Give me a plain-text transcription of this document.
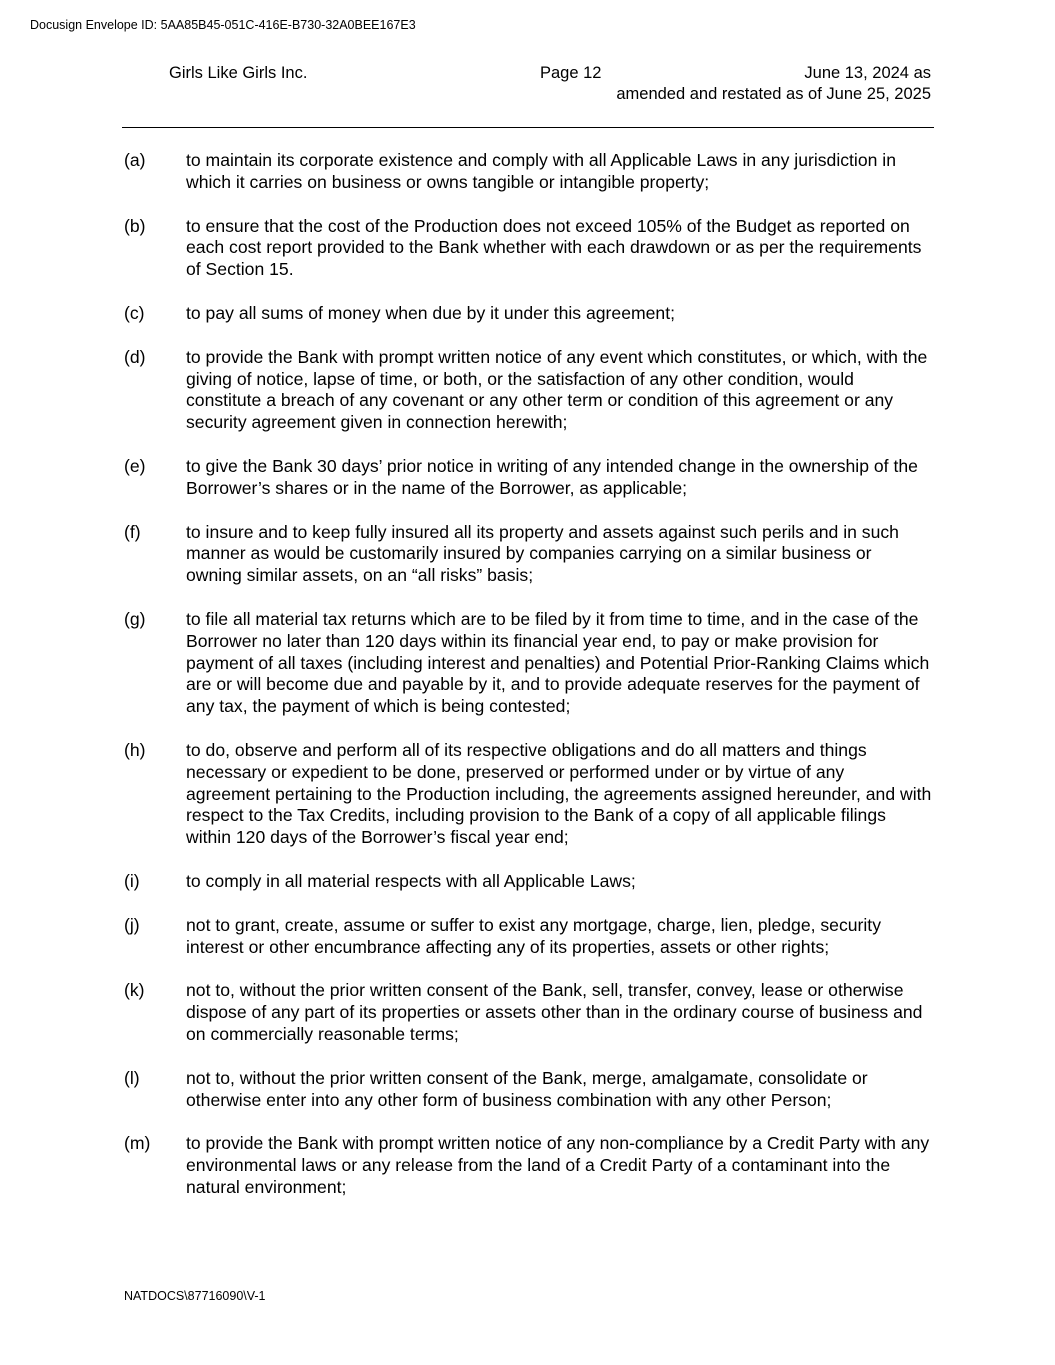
Docusign Envelope ID: 5AA85B45-051C-416E-B730-32A0BEE167E3
Girls Like Girls Inc.	Page 12	June 13, 2024 as
amended and restated as of June 25, 2025
(a) to maintain its corporate existence and comply with all Applicable Laws in any jurisdiction in which it carries on business or owns tangible or intangible property;
(b) to ensure that the cost of the Production does not exceed 105% of the Budget as reported on each cost report provided to the Bank whether with each drawdown or as per the requirements of Section 15.
(c) to pay all sums of money when due by it under this agreement;
(d) to provide the Bank with prompt written notice of any event which constitutes, or which, with the giving of notice, lapse of time, or both, or the satisfaction of any other condition, would constitute a breach of any covenant or any other term or condition of this agreement or any security agreement given in connection herewith;
(e) to give the Bank 30 days’ prior notice in writing of any intended change in the ownership of the Borrower’s shares or in the name of the Borrower, as applicable;
(f)	to insure and to keep fully insured all its property and assets against such perils and in such manner as would be customarily insured by companies carrying on a similar business or owning similar assets, on an “all risks” basis;
(g) to file all material tax returns which are to be filed by it from time to time, and in the case of the Borrower no later than 120 days within its financial year end, to pay or make provision for payment of all taxes (including interest and penalties) and Potential Prior-Ranking Claims which are or will become due and payable by it, and to provide adequate reserves for the payment of any tax, the payment of which is being contested;
(h) to do, observe and perform all of its respective obligations and do all matters and things necessary or expedient to be done, preserved or performed under or by virtue of any agreement pertaining to the Production including, the agreements assigned hereunder, and with respect to the Tax Credits, including provision to the Bank of a copy of all applicable filings within 120 days of the Borrower’s fiscal year end;
(i)	to comply in all material respects with all Applicable Laws;
(j)	not to grant, create, assume or suffer to exist any mortgage, charge, lien, pledge, security interest or other encumbrance affecting any of its properties, assets or other rights;
(k) not to, without the prior written consent of the Bank, sell, transfer, convey, lease or otherwise dispose of any part of its properties or assets other than in the ordinary course of business and on commercially reasonable terms;
(l)	not to, without the prior written consent of the Bank, merge, amalgamate, consolidate or otherwise enter into any other form of business combination with any other Person;
(m) to provide the Bank with prompt written notice of any non-compliance by a Credit Party with any environmental laws or any release from the land of a Credit Party of a contaminant into the natural environment;
NATDOCS\87716090\V-1
